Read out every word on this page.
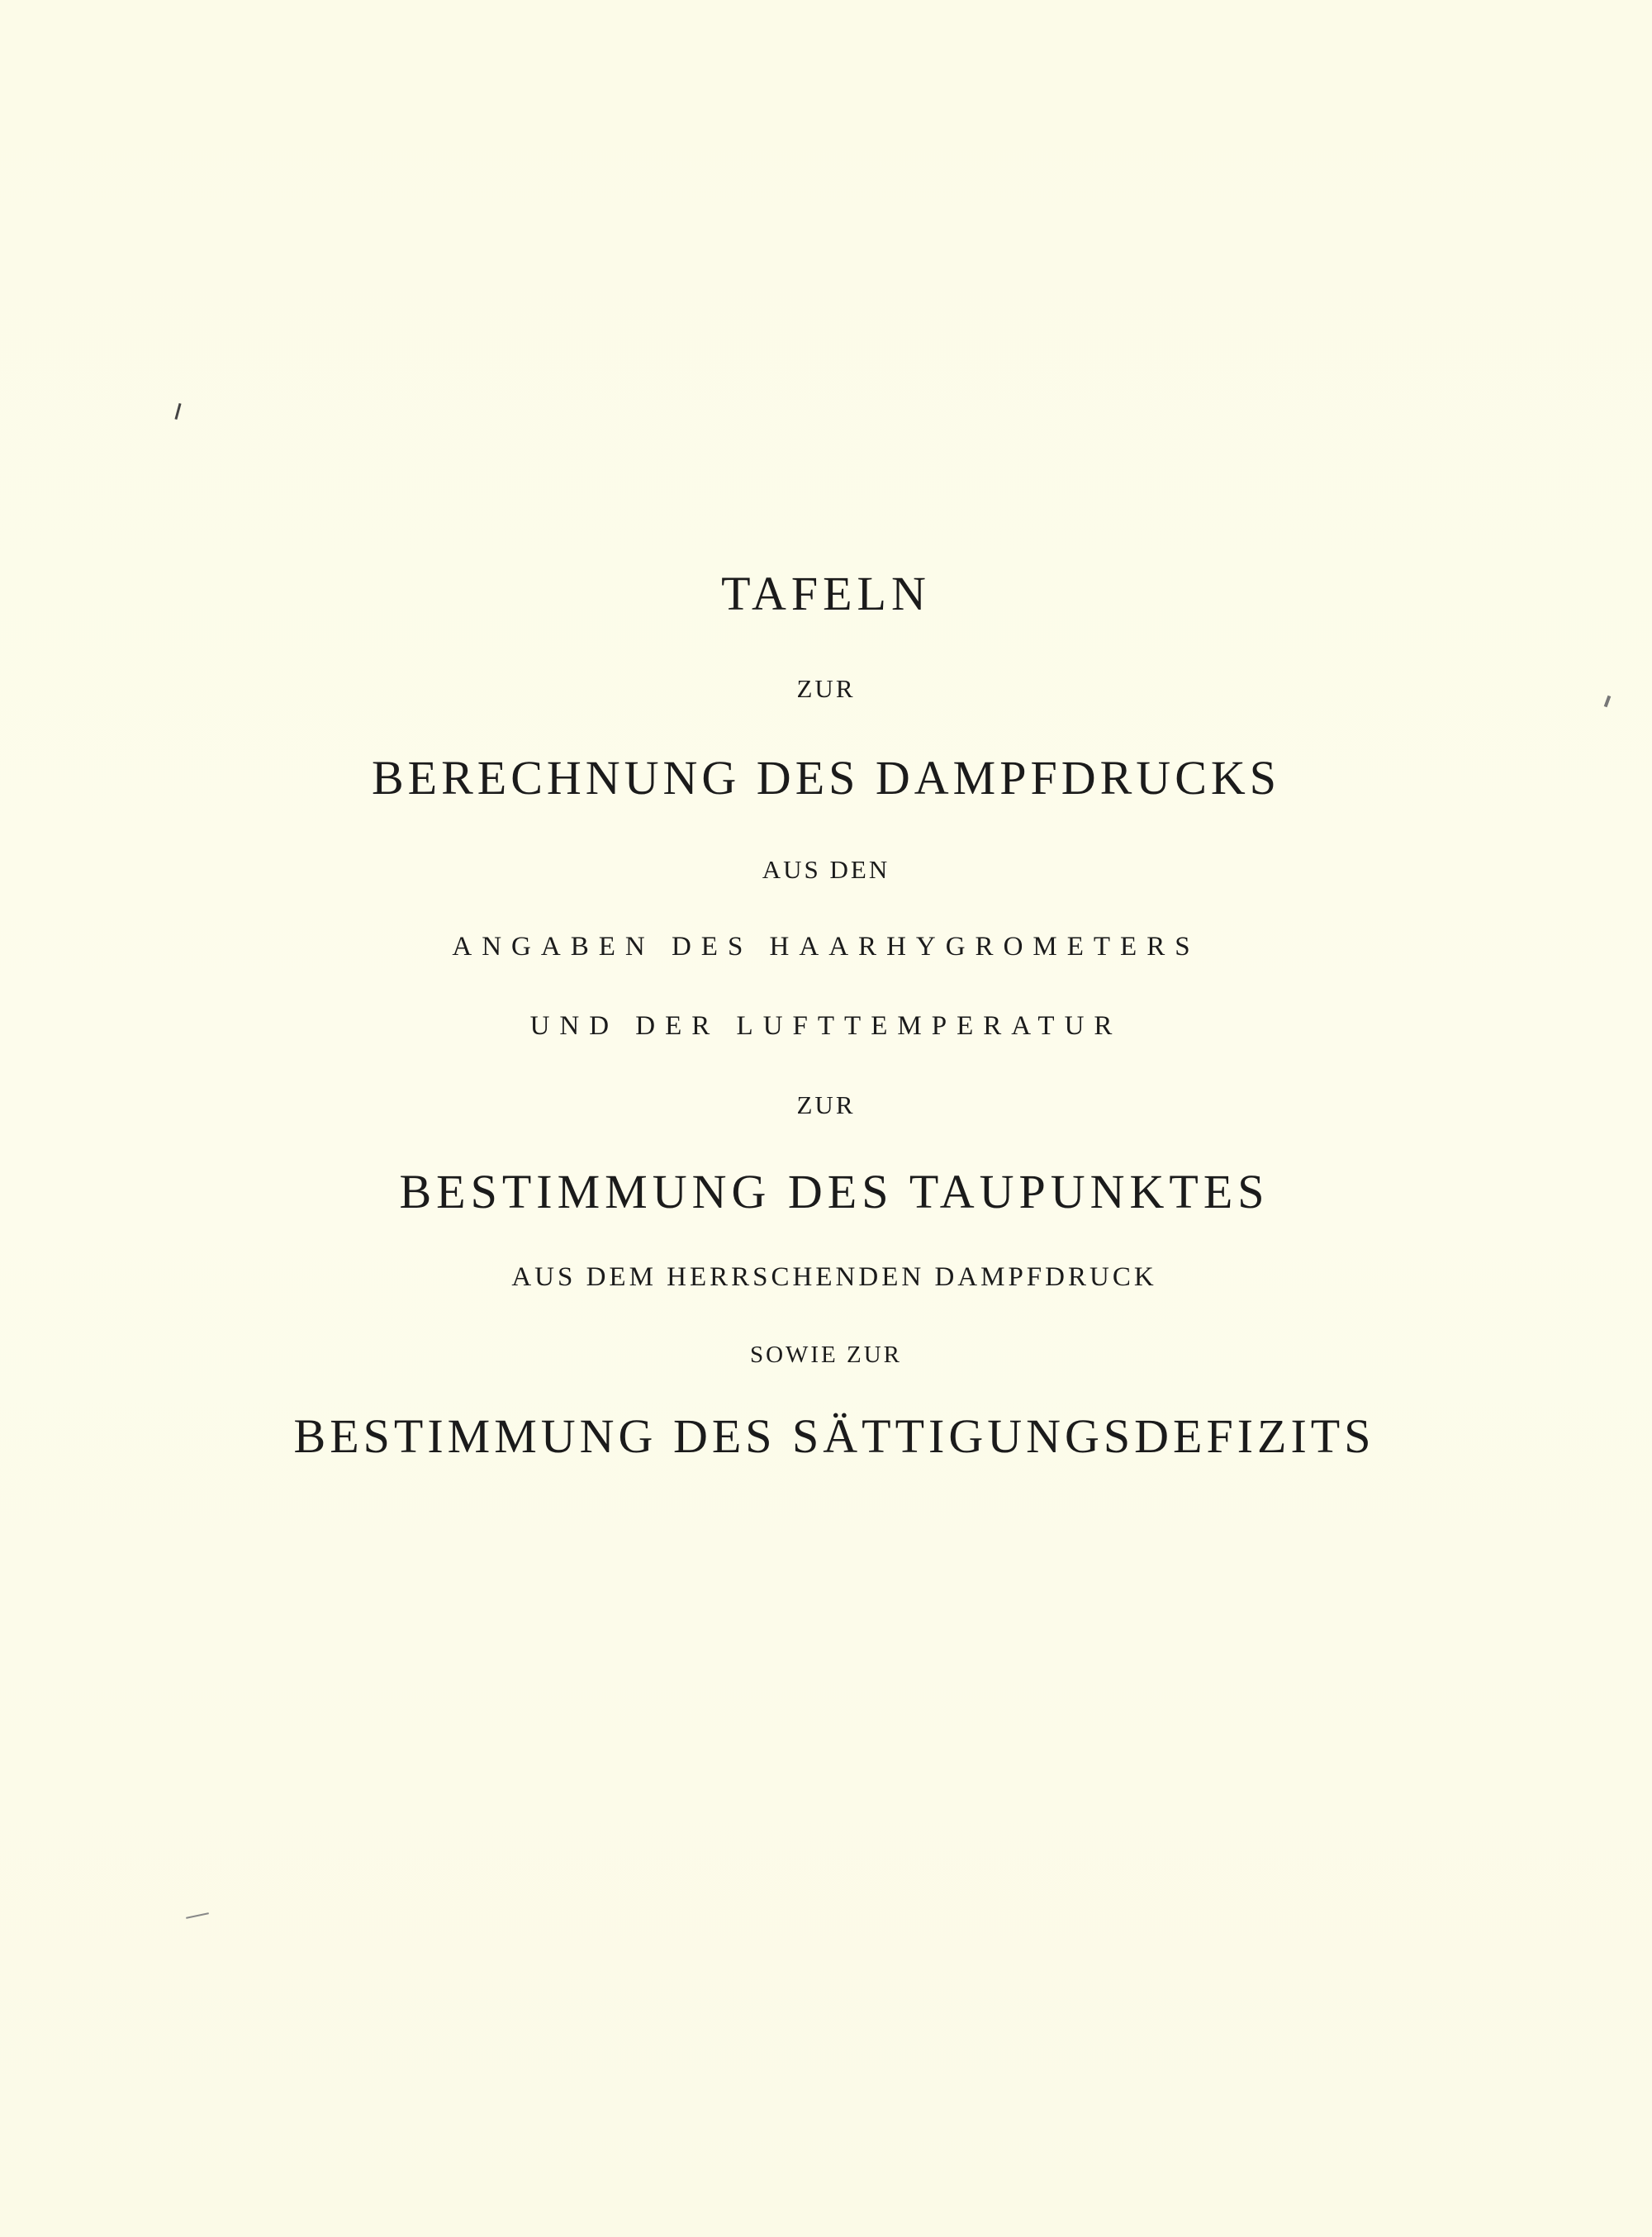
TAFELN
ZUR
BERECHNUNG DES DAMPFDRUCKS
AUS DEN
ANGABEN DES HAARHYGROMETERS
UND DER LUFTTEMPERATUR
ZUR
BESTIMMUNG DES TAUPUNKTES
AUS DEM HERRSCHENDEN DAMPFDRUCK
SOWIE ZUR
BESTIMMUNG DES SÄTTIGUNGSDEFIZITS
